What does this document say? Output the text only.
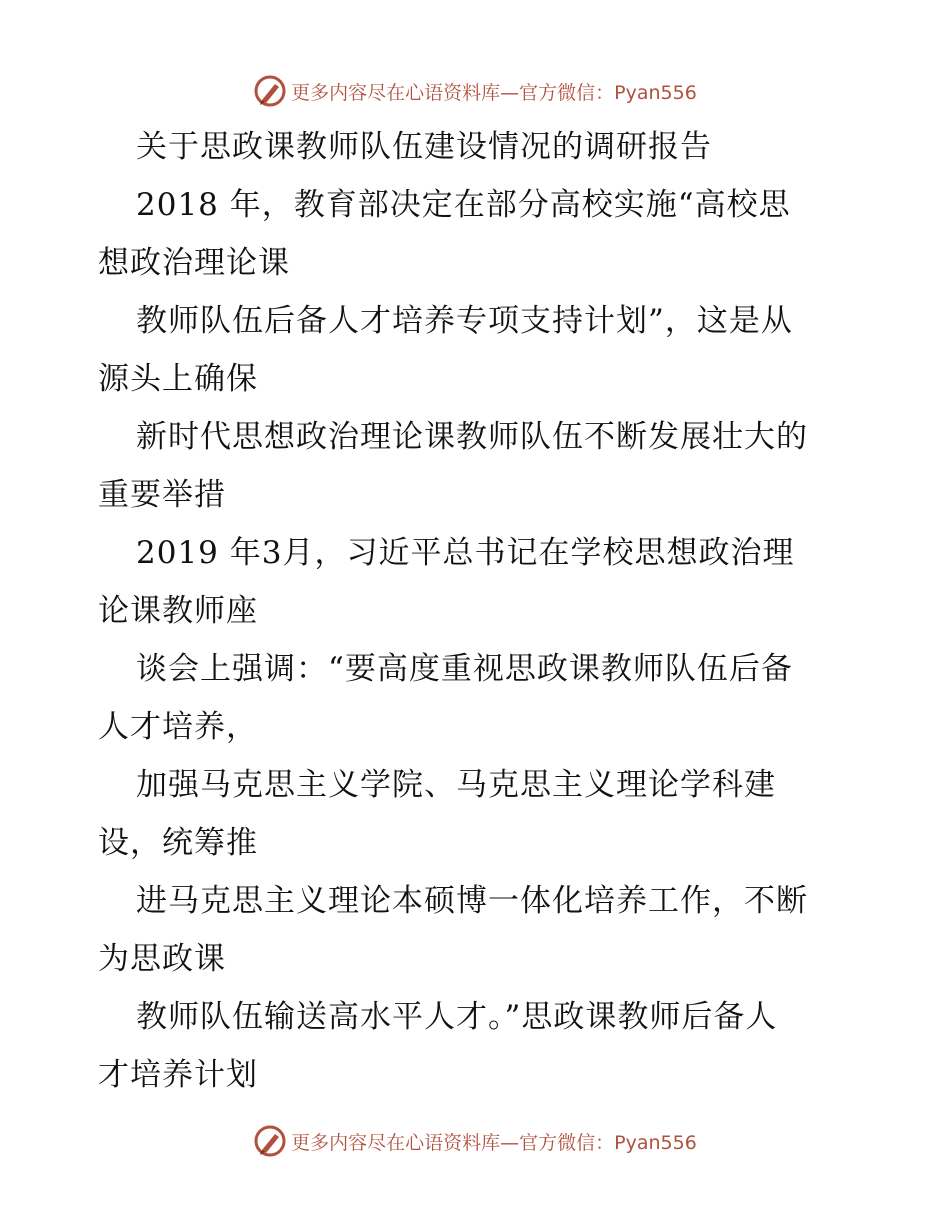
更多内容尽在心语资料库—官方微信：Pyan556
关于思政课教师队伍建设情况的调研报告
2018 年，教育部决定在部分高校实施“高校思
想政治理论课
教师队伍后备人才培养专项支持计划”，这是从
源头上确保
新时代思想政治理论课教师队伍不断发展壮大的
重要举措
2019 年3月，习近平总书记在学校思想政治理
论课教师座
谈会上强调：“要高度重视思政课教师队伍后备
人才培养，
加强马克思主义学院、马克思主义理论学科建
设，统筹推
进马克思主义理论本硕博一体化培养工作，不断
为思政课
教师队伍输送高水平人才。”思政课教师后备人
才培养计划
更多内容尽在心语资料库—官方微信：Pyan556
